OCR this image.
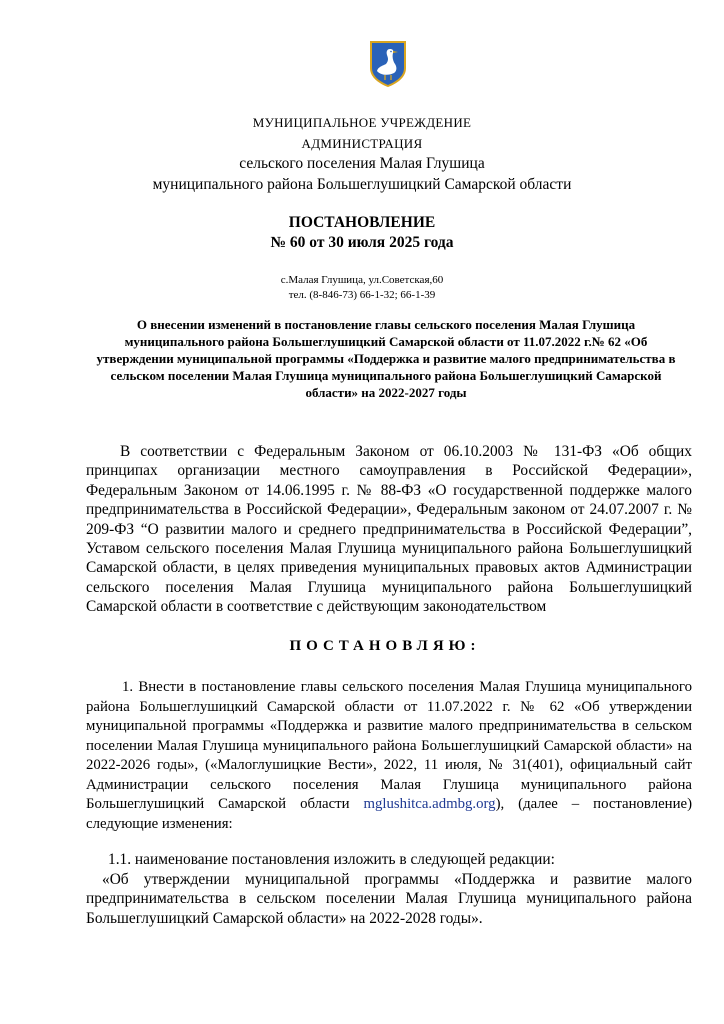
МУНИЦИПАЛЬНОЕ УЧРЕЖДЕНИЕ
АДМИНИСТРАЦИЯ
сельского поселения Малая Глушица
муниципального района Большеглушицкий Самарской области
ПОСТАНОВЛЕНИЕ
№ 60 от 30 июля 2025 года
с.Малая Глушица, ул.Советская,60
тел. (8-846-73) 66-1-32; 66-1-39
О внесении изменений в постановление главы сельского поселения Малая Глушица муниципального района Большеглушицкий Самарской области от 11.07.2022 г.№ 62 «Об утверждении муниципальной программы «Поддержка и развитие малого предпринимательства в сельском поселении Малая Глушица муниципального района Большеглушицкий Самарской области» на 2022-2027 годы
В соответствии с Федеральным Законом от 06.10.2003 № 131-ФЗ «Об общих принципах организации местного самоуправления в Российской Федерации», Федеральным Законом от 14.06.1995 г. № 88-ФЗ «О государственной поддержке малого предпринимательства в Российской Федерации», Федеральным законом от 24.07.2007 г. № 209-ФЗ “О развитии малого и среднего предпринимательства в Российской Федерации”, Уставом сельского поселения Малая Глушица муниципального района Большеглушицкий Самарской области, в целях приведения муниципальных правовых актов Администрации сельского поселения Малая Глушица муниципального района Большеглушицкий Самарской области в соответствие с действующим законодательством
ПОСТАНОВЛЯЮ:
1. Внести в постановление главы сельского поселения Малая Глушица муниципального района Большеглушицкий Самарской области от 11.07.2022 г. № 62 «Об утверждении муниципальной программы «Поддержка и развитие малого предпринимательства в сельском поселении Малая Глушица муниципального района Большеглушицкий Самарской области» на 2022-2026 годы», («Малоглушицкие Вести», 2022, 11 июля, № 31(401), официальный сайт Администрации сельского поселения Малая Глушица муниципального района Большеглушицкий Самарской области mglushitca.admbg.org), (далее – постановление) следующие изменения:
1.1. наименование постановления изложить в следующей редакции:
«Об утверждении муниципальной программы «Поддержка и развитие малого предпринимательства в сельском поселении Малая Глушица муниципального района Большеглушицкий Самарской области» на 2022-2028 годы».
